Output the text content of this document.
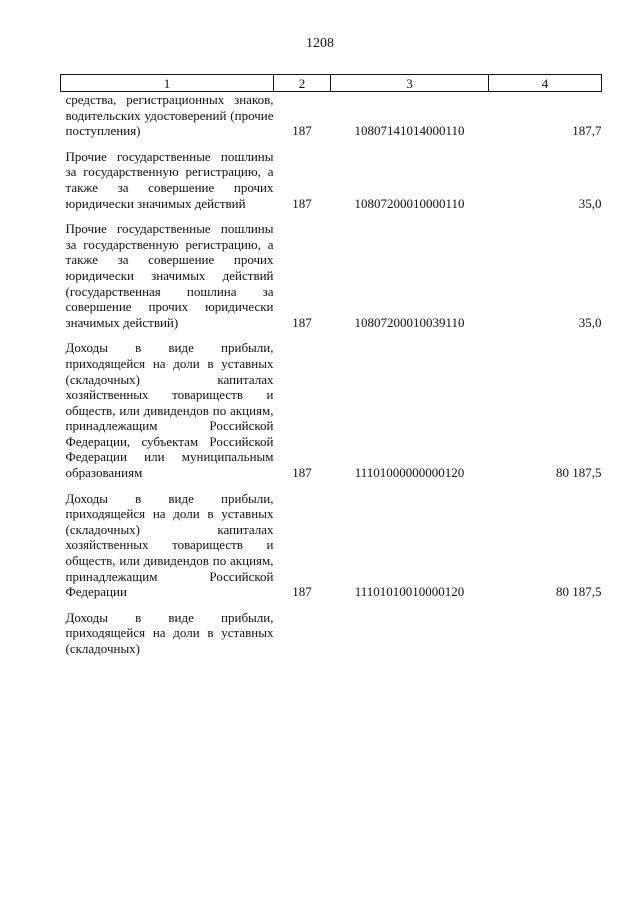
1208
1	2	3	4

средства, регистрационных знаков, водительских удостоверений (прочие поступления)	187	10807141014000110	187,7

Прочие государственные пошлины за государственную регистрацию, а также за совершение прочих юридически значимых действий	187	10807200010000110	35,0

Прочие государственные пошлины за государственную регистрацию, а также за совершение прочих юридически значимых действий (государственная пошлина за совершение прочих юридически значимых действий)	187	10807200010039110	35,0

Доходы в виде прибыли, приходящейся на доли в уставных (складочных) капиталах хозяйственных товариществ и обществ, или дивидендов по акциям, принадлежащим Российской Федерации, субъектам Российской Федерации или муниципальным образованиям	187	11101000000000120	80 187,5

Доходы в виде прибыли, приходящейся на доли в уставных (складочных) капиталах хозяйственных товариществ и обществ, или дивидендов по акциям, принадлежащим Российской Федерации	187	11101010010000120	80 187,5

Доходы в виде прибыли, приходящейся на доли в уставных (складочных)			
